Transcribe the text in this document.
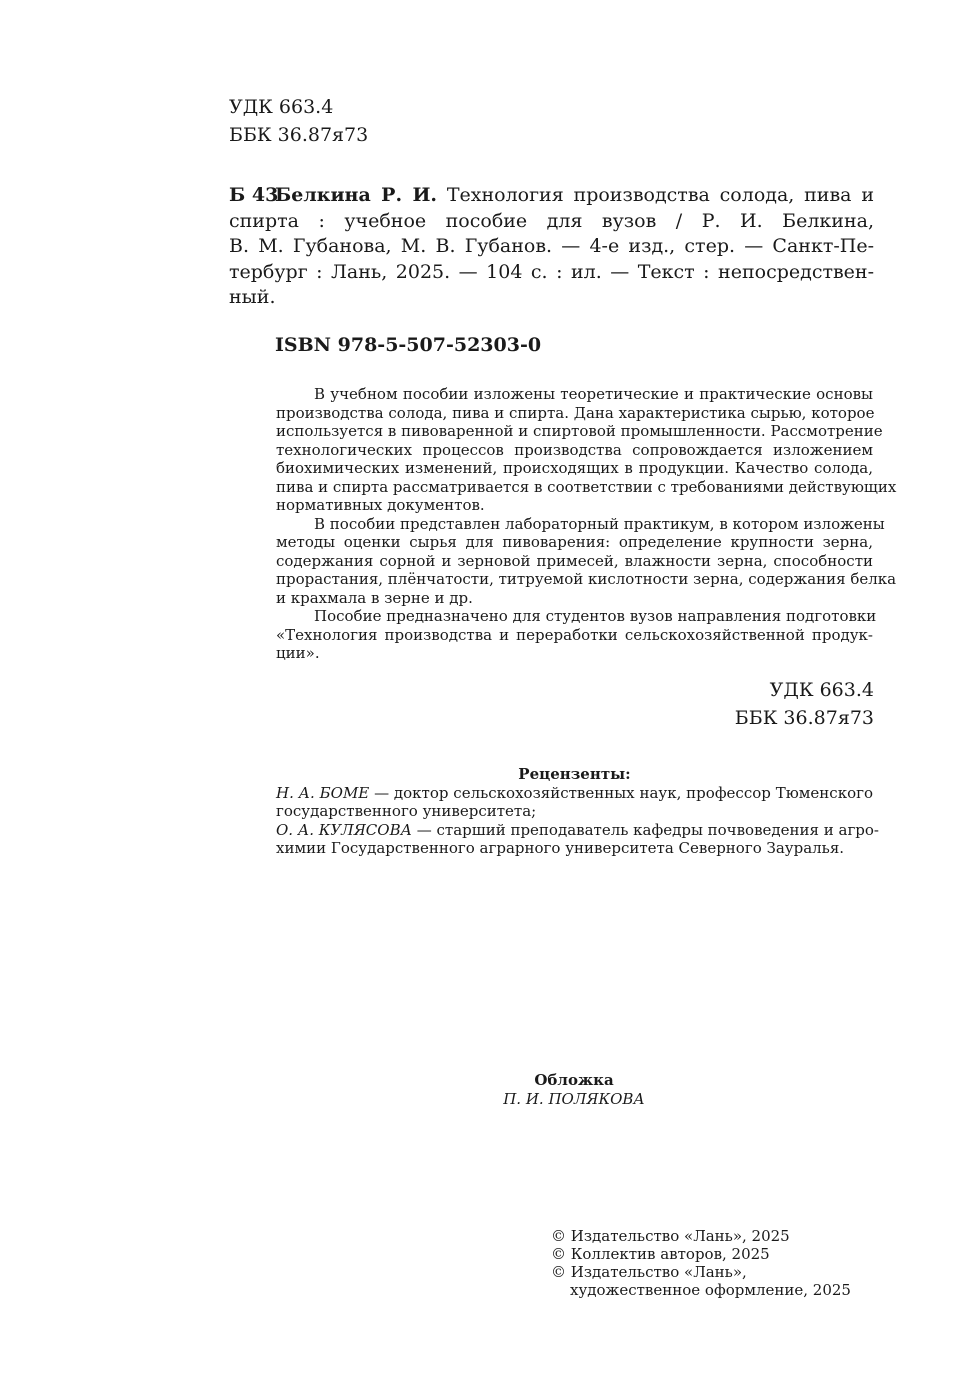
УДК 663.4
ББК 36.87я73
Б 43
Белкина Р. И. Технология производства солода, пива и
спирта : учебное пособие для вузов / Р. И. Белкина,
В. М. Губанова, М. В. Губанов. — 4-е изд., стер. — Санкт-Пе-
тербург : Лань, 2025. — 104 с. : ил. — Текст : непосредствен-
ный.
ISBN 978-5-507-52303-0
В учебном пособии изложены теоретические и практические основы
производства солода, пива и спирта. Дана характеристика сырью, которое
используется в пивоваренной и спиртовой промышленности. Рассмотрение
технологических процессов производства сопровождается изложением
биохимических изменений, происходящих в продукции. Качество солода,
пива и спирта рассматривается в соответствии с требованиями действующих
нормативных документов.
В пособии представлен лабораторный практикум, в котором изложены
методы оценки сырья для пивоварения: определение крупности зерна,
содержания сорной и зерновой примесей, влажности зерна, способности
прорастания, плёнчатости, титруемой кислотности зерна, содержания белка
и крахмала в зерне и др.
Пособие предназначено для студентов вузов направления подготовки
«Технология производства и переработки сельскохозяйственной продук-
ции».
УДК 663.4
ББК 36.87я73
Рецензенты:
Н. А. БОМЕ — доктор сельскохозяйственных наук, профессор Тюменского
государственного университета;
О. А. КУЛЯСОВА — старший преподаватель кафедры почвоведения и агро-
химии Государственного аграрного университета Северного Зауралья.
Обложка
П. И. ПОЛЯКОВА
© Издательство «Лань», 2025
© Коллектив авторов, 2025
© Издательство «Лань»,
художественное оформление, 2025
